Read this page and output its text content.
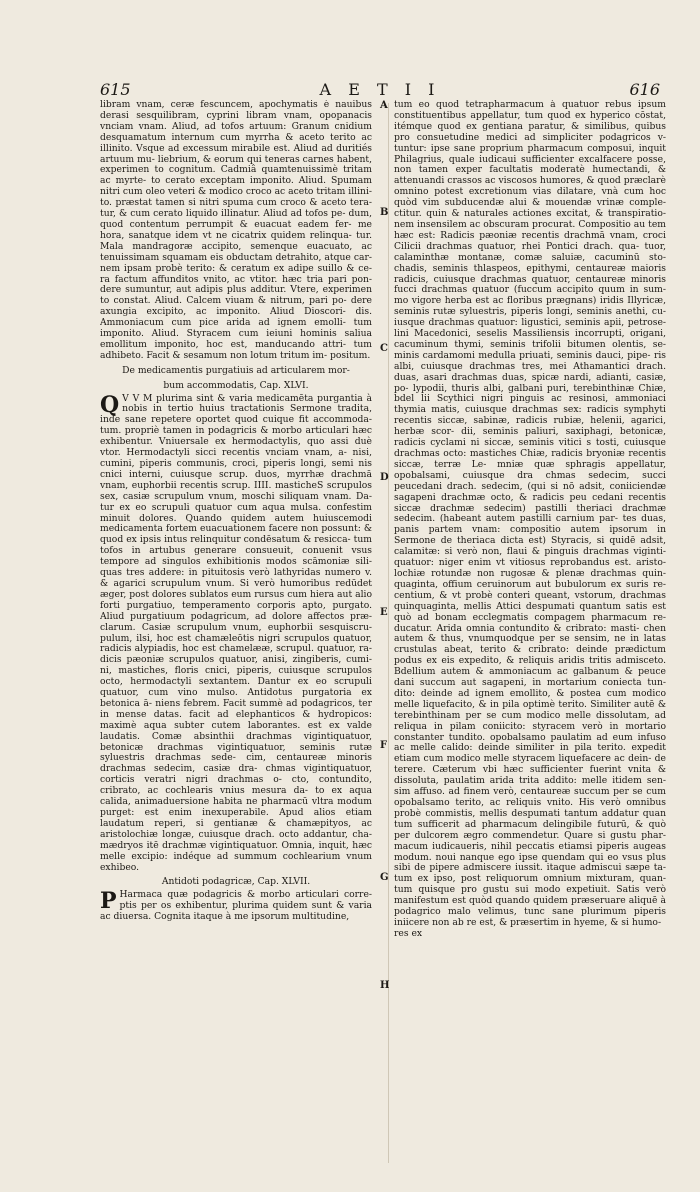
615	A E T I I	616

libram vnam, ceræ fescuncem, apochymatis è nauibus derasi sesquilibram, cyprini libram vnam, opopanacis vnciam vnam. Aliud, ad tofos artuum: Granum cnidium desquamatum internum cum myrrha & aceto terito ac illinito. Vsque ad excessum mirabile est. Aliud ad duritiés artuum mu- liebrium, & eorum qui teneras carnes habent, experimen to cognitum. Cadmiâ quamtenuissimè tritam ac myrte- to cerato exceptam imponito. Aliud. Spumam nitri cum oleo veteri & modico croco ac aceto tritam illini- to. præstat tamen si nitri spuma cum croco & aceto tera- tur, & cum cerato liquido illinatur. Aliud ad tofos pe- dum, quod contentum perrumpit & euacuat eadem fer- me hora, sanatque idem vt ne cicatrix quidem relinqua- tur. Mala mandragoræ accipito, semenque euacuato, ac tenuissimam squamam eis obductam detrahito, atque car- nem ipsam probè terito: & ceratum ex adipe suillo & ce- ra factum affunditos vnito, ac vtitor. hæc tria pari pon- dere sumuntur, aut adipis plus additur. Vtere, experimen to constat. Aliud. Calcem viuam & nitrum, pari po- dere axungia excipito, ac imponito. Aliud Dioscori- dis. Ammoniacum cum pice arida ad ignem emolli- tum imponito. Aliud. Styracem cum ieiuni hominis saliua emollitum imponito, hoc est, manducando attri- tum adhibeto. Facit & sesamum non lotum tritum im- positum.

De medicamentis purgatiuis ad articularem mor-

bum accommodatis, Cap. XLVI.

Q V V M plurima sint & varia medicamēta purgantia à nobis in tertio huius tractationis Sermone tradita, inde sane repetere oportet quod cuique fit accommoda- tum. propriè tamen in podagricis & morbo articulari hæc exhibentur. Vniuersale ex hermodactylis, quo assi duè vtor. Hermodactyli sicci recentis vnciam vnam, a- nisi, cumini, piperis communis, croci, piperis longi, semi nis cnici interni, cuiusque scrup. duos, myrrhæ drachmā vnam, euphorbii recentis scrup. IIII. masticheS scrupulos sex, casiæ scrupulum vnum, moschi siliquam vnam. Da- tur ex eo scrupuli quatuor cum aqua mulsa. confestim minuit dolores. Quando quidem autem huiuscemodi medicamenta fortem euacuationem facere non possunt: & quod ex ipsis intus relinquitur condēsatum & resicca- tum tofos in artubus generare consueuit, conuenit vsus tempore ad singulos exhibitionis modos scāmoniæ sili- quas tres addere: in pituitosis verò lathyridas numero v. & agarici scrupulum vnum. Si verò humoribus redūdet æger, post dolores sublatos eum rursus cum hiera aut alio forti purgatiuo, temperamento corporis apto, purgato. Aliud purgatiuum podagricum, ad dolore affectos præ- clarum. Casiæ scrupulum vnum, euphorbii sesquiscru- pulum, ilsi, hoc est chamæleōtis nigri scrupulos quatuor, radicis alypiadis, hoc est chamelææ, scrupul. quatuor, ra- dicis pæoniæ scrupulos quatuor, anisi, zingiberis, cumi- ni, mastiches, floris cnici, piperis, cuiusque scrupulos octo, hermodactyli sextantem. Dantur ex eo scrupuli quatuor, cum vino mulso. Antidotus purgatoria ex betonica ā- niens febrem. Facit summè ad podagricos, ter in mense datas. facit ad elephanticos & hydropicos: maximè aqua subter cutem laborantes. est ex valde laudatis. Comæ absinthii drachmas vigintiquatuor, betonicæ drachmas vigintiquatuor, seminis rutæ syluestris drachmas sede- cim, centaureæ minoris drachmas sedecim, casiæ dra- chmas vigintiquatuor, corticis veratri nigri drachmas o- cto, contundito, cribrato, ac cochlearis vnius mesura da- to ex aqua calida, animaduersione habita ne pharmacū vltra modum purget: est enim inexuperabile. Apud alios etiam laudatum reperi, si gentianæ & chamæpityos, ac aristolochiæ longæ, cuiusque drach. octo addantur, cha- mædryos itē drachmæ vigintiquatuor. Omnia, inquit, hæc melle excipio: indéque ad summum cochlearium vnum exhibeo.

Antidoti podagricæ, Cap. XLVII.

P Harmaca quæ podagricis & morbo articulari corre- ptis per os exhibentur, plurima quidem sunt & varia ac diuersa. Cognita itaque à me ipsorum multitudine,

tum eo quod tetrapharmacum à quatuor rebus ipsum constituentibus appellatur, tum quod ex hyperico cōstat, itémque quod ex gentiana paratur, & similibus, quibus pro consuetudine medici ad simpliciter podagricos v- tuntur: ipse sane proprium pharmacum composui, inquit Philagrius, quale iudicaui sufficienter excalfacere posse, non tamen exper facultatis moderatè humectandi, & attenuandi crassos ac viscosos humores, & quod præclarè omnino potest excretionum vias dilatare, vnà cum hoc quòd vim subducendæ alui & mouendæ vrinæ comple- ctitur. quin & naturales actiones excitat, & transpiratio- nem insensilem ac obscuram procurat. Compositio au tem hæc est: Radicis pæoniæ recentis drachmā vnam, croci Cilicii drachmas quatuor, rhei Pontici drach. qua- tuor, calaminthæ montanæ, comæ saluiæ, cacuminū sto- chadis, seminis thlaspeos, epithymi, centaureæ maioris radicis, cuiusque drachmas quatuor, centaureæ minoris fucci drachmas quatuor (fuccum accipito quum in sum- mo vigore herba est ac floribus prægnans) iridis Illyricæ, seminis rutæ syluestris, piperis longi, seminis anethi, cu- iusque drachmas quatuor: ligustici, seminis apii, petrose- lini Macedonici, seselis Massiliensis incorrupti, origani, cacuminum thymi, seminis trifolii bitumen olentis, se- minis cardamomi medulla priuati, seminis dauci, pipe- ris albi, cuiusque drachmas tres, mei Athamantici drach. duas, asari drachmas duas, spicæ nardi, adianti, casiæ, po- lypodii, thuris albi, galbani puri, terebinthinæ Chiæ, bdel lii Scythici nigri pinguis ac resinosi, ammoniaci thymia matis, cuiusque drachmas sex: radicis symphyti recentis siccæ, sabinæ, radicis rubiæ, helenii, agarici, herbæ scor- dii, seminis paliuri, saxiphagi, betonicæ, radicis cyclami ni siccæ, seminis vitici s tosti, cuiusque drachmas octo: mastiches Chiæ, radicis bryoniæ recentis siccæ, terræ Le- mniæ quæ sphragis appellatur, opobalsami, cuiusque dra chmas sedecim, succi peucedani drach. sedecim, (qui si nō adsit, coniiciendæ sagapeni drachmæ octo, & radicis peu cedani recentis siccæ drachmæ sedecim) pastilli theriaci drachmæ sedecim. (habeant autem pastilli carnium par- tes duas, panis partem vnam: compositio autem ipsorum in Sermone de theriaca dicta est) Styracis, si quidē adsit, calamitæ: si verò non, flaui & pinguis drachmas viginti- quatuor: niger enim vt vitiosus reprobandus est. aristo- lochiæ rotundæ non rugosæ & plenæ drachmas quin- quaginta, offium ceruinorum aut bubulorum ex suris re- centium, & vt probè conteri queant, vstorum, drachmas quinquaginta, mellis Attici despumati quantum satis est quò ad bonam ecclegmatis compagem pharmacum re- ducatur. Arida omnia contundito & cribrato: masti- chen autem & thus, vnumquodque per se sensim, ne in latas crustulas abeat, terito & cribrato: deinde prædictum podus ex eis expedito, & reliquis aridis tritis admisceto. Bdellium autem & ammoniacum ac galbanum & peuce dani succum aut sagapeni, in mortarium coniecta tun- dito: deinde ad ignem emollito, & postea cum modico melle liquefacito, & in pila optimè terito. Similiter autē & terebinthinam per se cum modico melle dissolutam, ad reliqua in pilam coniicito: styracem verò in mortario constanter tundito. opobalsamo paulatim ad eum infuso ac melle calido: deinde similiter in pila terito. expedit etiam cum modico melle styracem liquefacere ac dein- de terere. Cæterum vbi hæc sufficienter fuerint vnita & dissoluta, paulatim arida trita addito: melle itidem sen- sim affuso. ad finem verò, centaureæ succum per se cum opobalsamo terito, ac reliquis vnito. His verò omnibus probè commistis, mellis despumati tantum addatur quan tum sufficerit ad pharmacum delingibile futurū, & quò per dulcorem ægro commendetur. Quare si gustu phar- macum iudicaueris, nihil peccatis etiamsi piperis augeas modum. noui nanque ego ipse quendam qui eo vsus plus sibi de pipere admiscere iussit. itaque admiscui sæpe ta- tum ex ipso, post reliquorum omnium mixturam, quan- tum quisque pro gustu sui modo expetiuit. Satis verò manifestum est quòd quando quidem præseruare aliquē à podagrico malo velimus, tunc sane plurimum piperis iniicere non ab re est, & præsertim in hyeme, & si humo-

res ex

A
B
C
D
E
F
G
H
